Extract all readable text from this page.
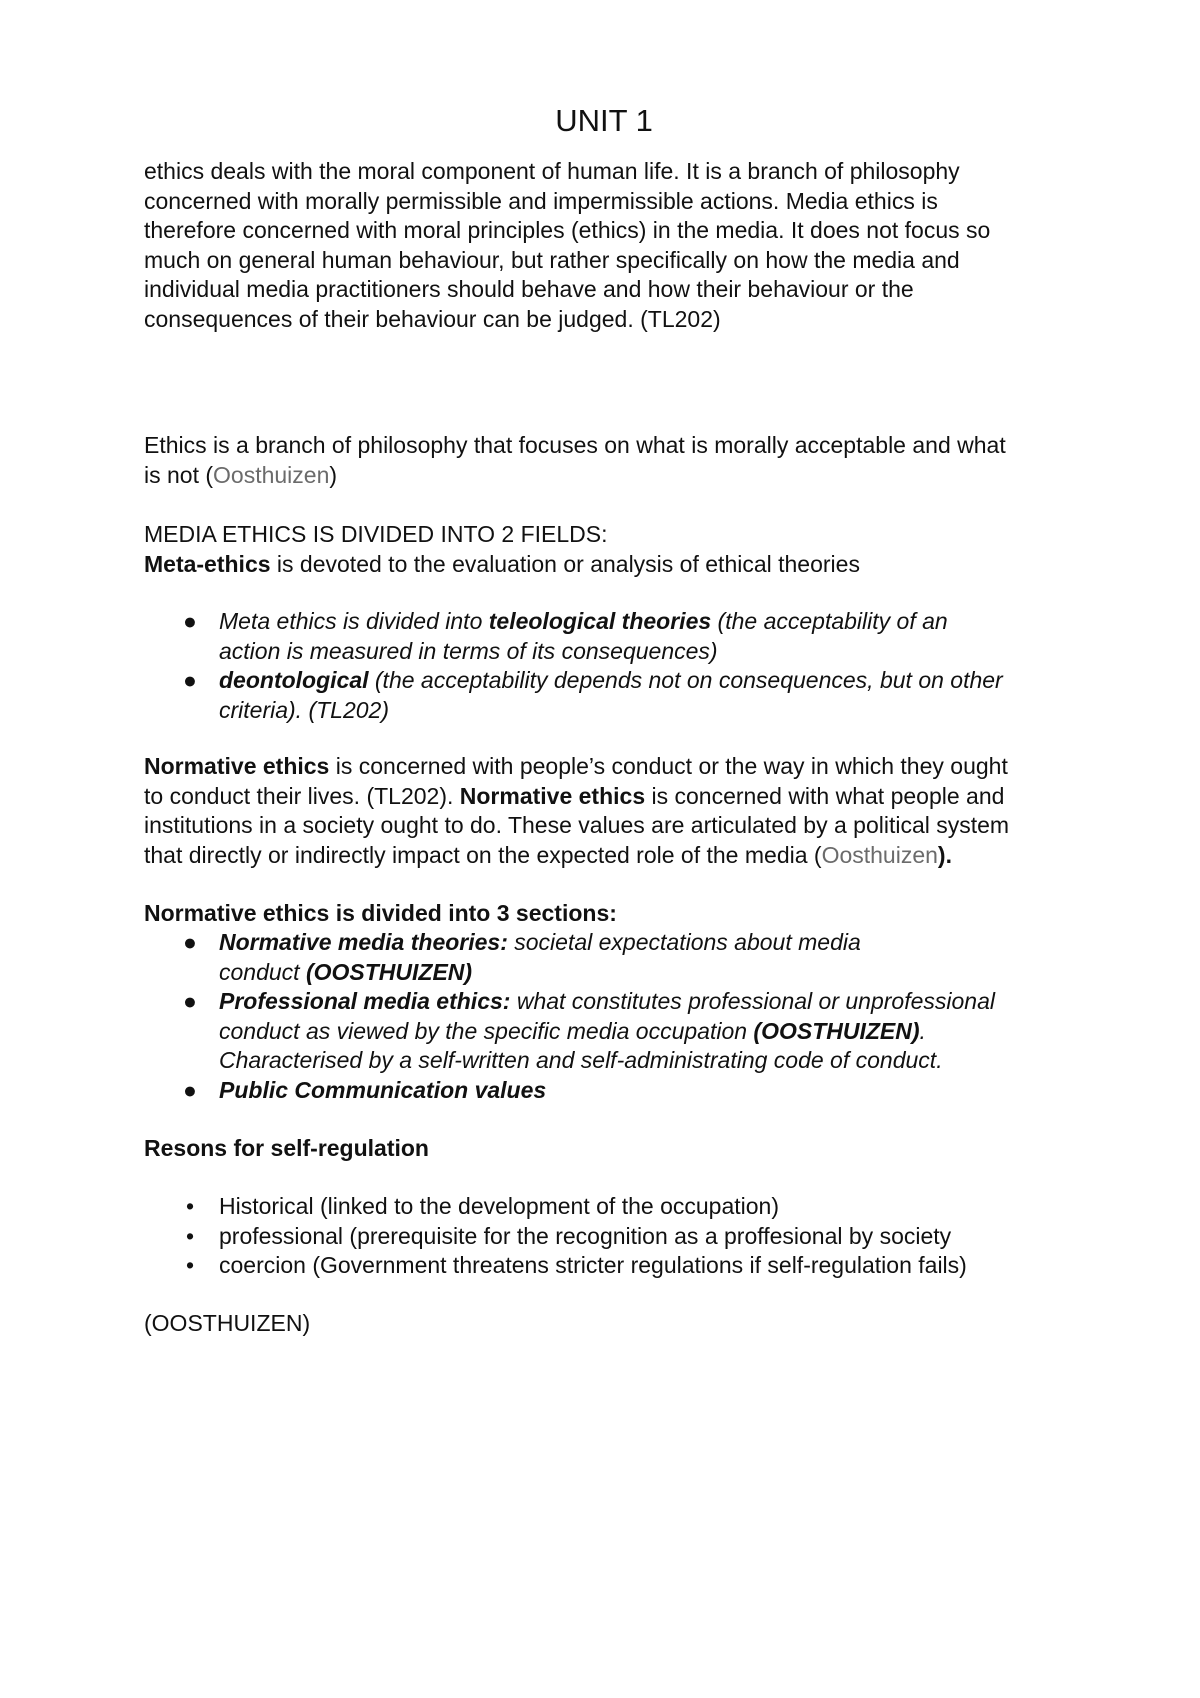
UNIT 1
ethics deals with the moral component of human life. It is a branch of philosophy
concerned with morally permissible and impermissible actions. Media ethics is
therefore concerned with moral principles (ethics) in the media. It does not focus so
much on general human behaviour, but rather specifically on how the media and
individual media practitioners should behave and how their behaviour or the
consequences of their behaviour can be judged. (TL202)
Ethics is a branch of philosophy that focuses on what is morally acceptable and what
is not (Oosthuizen)
MEDIA ETHICS IS DIVIDED INTO 2 FIELDS:
Meta-ethics is devoted to the evaluation or analysis of ethical theories
● Meta ethics is divided into teleological theories (the acceptability of an
action is measured in terms of its consequences)
● deontological (the acceptability depends not on consequences, but on other
criteria). (TL202)
Normative ethics is concerned with people’s conduct or the way in which they ought
to conduct their lives. (TL202). Normative ethics is concerned with what people and
institutions in a society ought to do. These values are articulated by a political system
that directly or indirectly impact on the expected role of the media (Oosthuizen).
Normative ethics is divided into 3 sections:
● Normative media theories: societal expectations about media
conduct (OOSTHUIZEN)
● Professional media ethics: what constitutes professional or unprofessional
conduct as viewed by the specific media occupation (OOSTHUIZEN).
Characterised by a self-written and self-administrating code of conduct.
● Public Communication values
Resons for self-regulation
• Historical (linked to the development of the occupation)
• professional (prerequisite for the recognition as a proffesional by society
• coercion (Government threatens stricter regulations if self-regulation fails)
(OOSTHUIZEN)
